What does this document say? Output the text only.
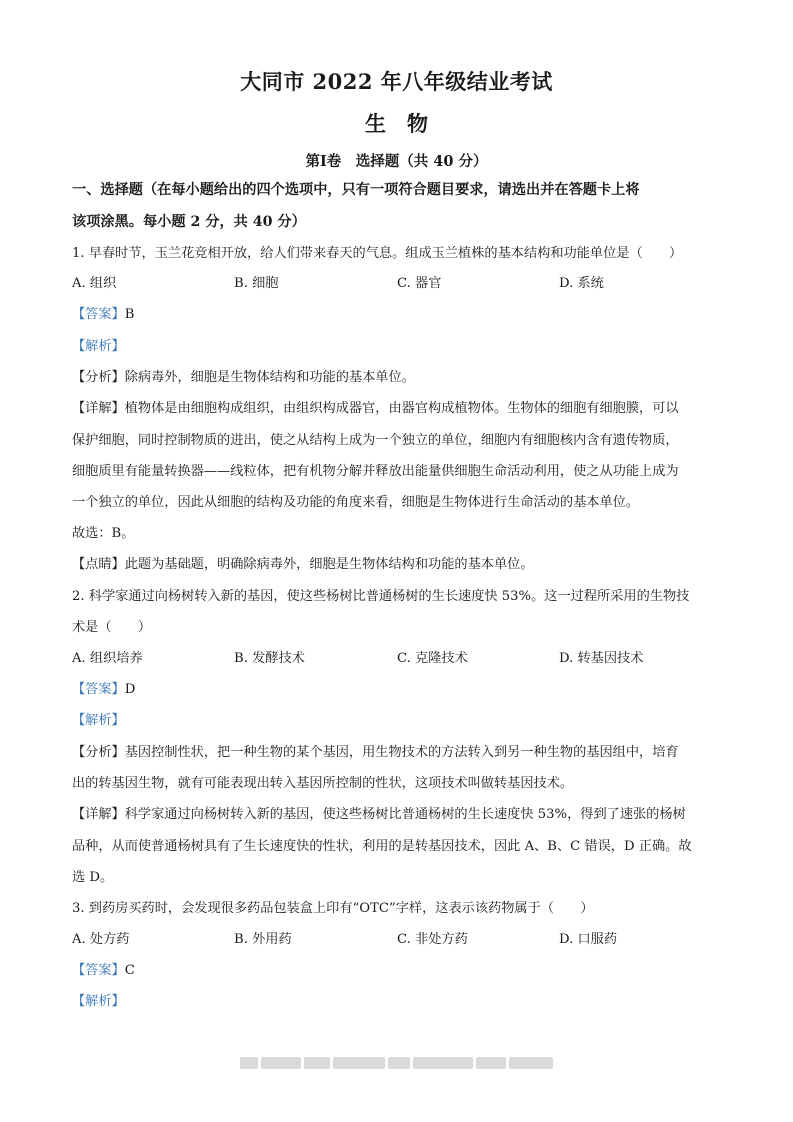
大同市 2022 年八年级结业考试
生　物
第Ⅰ卷　选择题（共 40 分）
一、选择题（在每小题给出的四个选项中，只有一项符合题目要求，请选出并在答题卡上将
该项涂黑。每小题 2 分，共 40 分）
1. 早春时节，玉兰花竞相开放，给人们带来春天的气息。组成玉兰植株的基本结构和功能单位是（　　）
A. 组织	B. 细胞	C. 器官	D. 系统
【答案】B
【解析】
【分析】除病毒外，细胞是生物体结构和功能的基本单位。
【详解】植物体是由细胞构成组织，由组织构成器官，由器官构成植物体。生物体的细胞有细胞膜，可以
保护细胞，同时控制物质的进出，使之从结构上成为一个独立的单位，细胞内有细胞核内含有遗传物质，
细胞质里有能量转换器——线粒体，把有机物分解并释放出能量供细胞生命活动利用，使之从功能上成为
一个独立的单位，因此从细胞的结构及功能的角度来看，细胞是生物体进行生命活动的基本单位。
故选：B。
【点睛】此题为基础题，明确除病毒外，细胞是生物体结构和功能的基本单位。
2. 科学家通过向杨树转入新的基因，使这些杨树比普通杨树的生长速度快 53%。这一过程所采用的生物技
术是（　　）
A. 组织培养	B. 发酵技术	C. 克隆技术	D. 转基因技术
【答案】D
【解析】
【分析】基因控制性状，把一种生物的某个基因，用生物技术的方法转入到另一种生物的基因组中，培育
出的转基因生物，就有可能表现出转入基因所控制的性状，这项技术叫做转基因技术。
【详解】科学家通过向杨树转入新的基因，使这些杨树比普通杨树的生长速度快 53%，得到了速张的杨树
品种，从而使普通杨树具有了生长速度快的性状，利用的是转基因技术，因此 A、B、C 错误，D 正确。故
选 D。
3. 到药房买药时，会发现很多药品包装盒上印有“OTC”字样，这表示该药物属于（　　）
A. 处方药	B. 外用药	C. 非处方药	D. 口服药
【答案】C
【解析】
